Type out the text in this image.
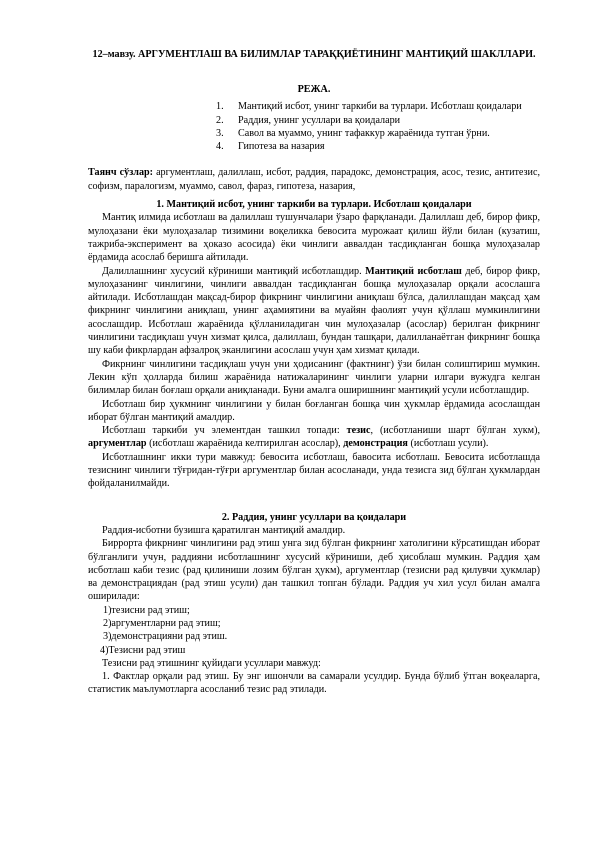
12–мавзу. АРГУМЕНТЛАШ ВА БИЛИМЛАР ТАРАҚҚИЁТИНИНГ МАНТИҚИЙ ШАКЛЛАРИ.
РЕЖА.
1. Мантиқий исбот, унинг таркиби ва турлари. Исботлаш қоидалари
2. Раддия, унинг усуллари ва қоидалари
3. Савол ва муаммо, унинг тафаккур жараёнида тутган ўрни.
4. Гипотеза ва назария

Таянч сўзлар: аргументлаш, далиллаш, исбот, раддия, парадокс, демонстрация, асос, тезис, антитезис, софизм, паралогизм, муаммо, савол, фараз, гипотеза, назария,

1. Мантиқий исбот, унинг таркиби ва турлари. Исботлаш қоидалари

Мантиқ илмида исботлаш ва далиллаш тушунчалари ўзаро фарқланади. Далиллаш деб, бирор фикр, мулоҳазани ёки мулоҳазалар тизимини воқеликка бевосита мурожаат қилиш йўли билан (кузатиш, тажриба-эксперимент ва ҳоказо асосида) ёки чинлиги аввалдан тасдиқланган бошқа мулоҳазалар ёрдамида асослаб беришга айтилади.

Далиллашнинг хусусий кўриниши мантиқий исботлашдир. Мантиқий исботлаш деб, бирор фикр, мулоҳазанинг чинлигини, чинлиги аввалдан тасдиқланган бошқа мулоҳазалар орқали асослашга айтилади. Исботлашдан мақсад-бирор фикрнинг чинлигини аниқлаш бўлса, далиллашдан мақсад ҳам фикрнинг чинлигини аниқлаш, унинг аҳамиятини ва муайян фаолият учун қўллаш мумкинлигини асослашдир. Исботлаш жараёнида қўлланиладиган чин мулоҳазалар (асослар) берилган фикрнинг чинлигини тасдиқлаш учун хизмат қилса, далиллаш, бундан ташқари, далилланаётган фикрнинг бошқа шу каби фикрлардан афзалроқ эканлигини асослаш учун ҳам хизмат қилади.

Фикрнинг чинлигини тасдиқлаш учун уни ҳодисанинг (фактнинг) ўзи билан солиштириш мумкин. Лекин кўп ҳолларда билиш жараёнида натижаларининг чинлиги уларни илгари вужудга келган билимлар билан боғлаш орқали аниқланади. Буни амалга оширишнинг мантиқий усули исботлашдир.

Исботлаш бир ҳукмнинг чинлигини у билан боғланган бошқа чин ҳукмлар ёрдамида асослашдан иборат бўлган мантиқий амалдир.

Исботлаш таркиби уч элементдан ташкил топади: тезис, (исботланиши шарт бўлган хукм), аргументлар (исботлаш жараёнида келтирилган асослар), демонстрация (исботлаш усули).

Исботлашнинг икки тури мавжуд: бевосита исботлаш, бавосита исботлаш. Бевосита исботлашда тезиснинг чинлиги тўғридан-тўғри аргументлар билан асосланади, унда тезисга зид бўлган ҳукмлардан фойдаланилмайди.

2. Раддия, унинг усуллари ва қоидалари

Раддия-исботни бузишга қаратилган мантиқий амалдир.

Биррорта фикрнинг чинлигини рад этиш унга зид бўлган фикрнинг хатолигини кўрсатишдан иборат бўлганлиги учун, раддияни исботлашнинг хусусий кўриниши, деб ҳисоблаш мумкин. Раддия ҳам исботлаш каби тезис (рад қилиниши лозим бўлган ҳукм), аргументлар (тезисни рад қилувчи ҳукмлар) ва демонстрациядан (рад этиш усули) дан ташкил топган бўлади. Раддия уч хил усул билан амалга оширилади:

1)тезисни рад этиш;

2)аргументларни рад этиш;

3)демонстрацияни рад этиш.

4)Тезисни рад этиш

Тезисни рад этишнинг қуйидаги усуллари мавжуд:

1. Фактлар орқали рад этиш. Бу энг ишончли ва самарали усулдир. Бунда бўлиб ўтган воқеаларга, статистик маълумотларга асосланиб тезис рад этилади.
